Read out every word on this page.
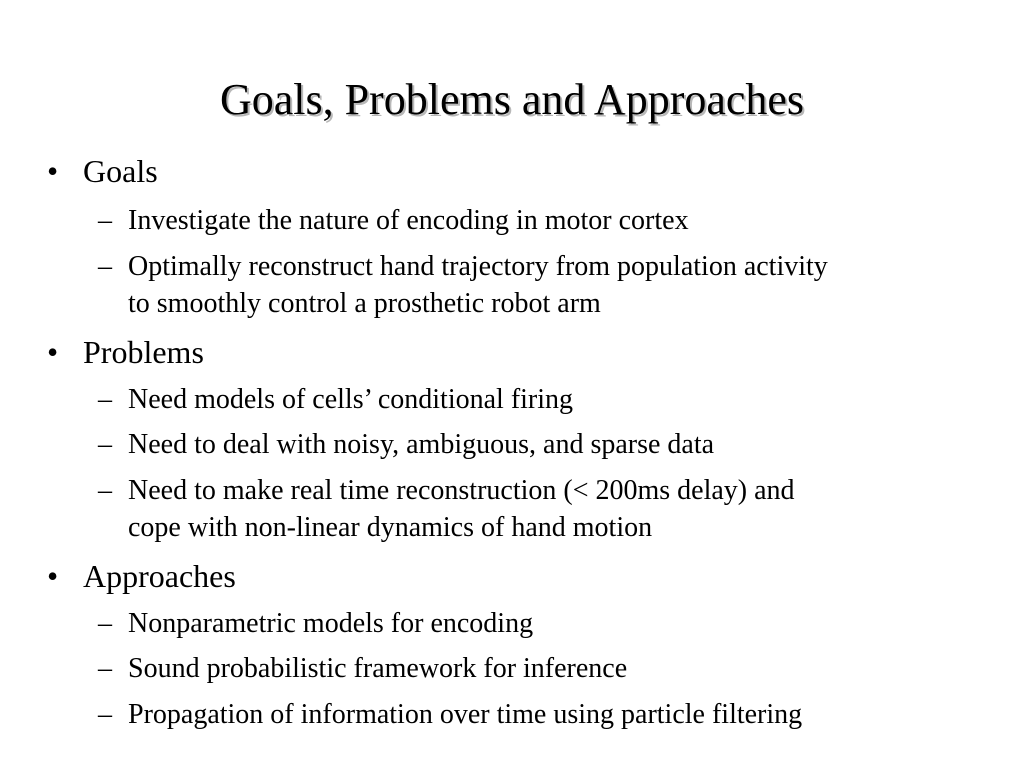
Goals, Problems and Approaches
• Goals
– Investigate the nature of encoding in motor cortex
– Optimally reconstruct hand trajectory from population activity
to smoothly control a prosthetic robot arm
• Problems
– Need models of cells’ conditional firing
– Need to deal with noisy, ambiguous, and sparse data
– Need to make real time reconstruction (< 200ms delay) and
cope with non-linear dynamics of hand motion
• Approaches
– Nonparametric models for encoding
– Sound probabilistic framework for inference
– Propagation of information over time using particle filtering
